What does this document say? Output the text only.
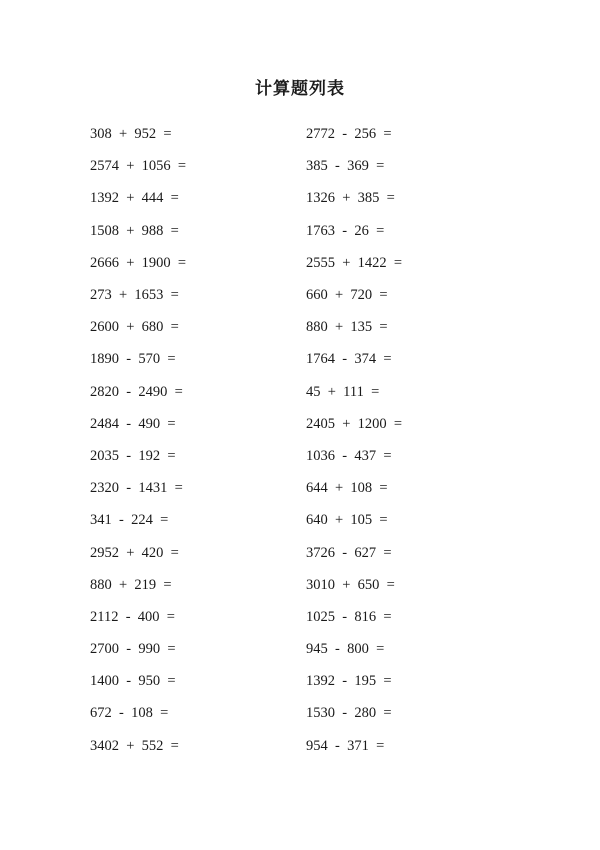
计算题列表
308  +  952  =	2772  -  256  =
2574  +  1056  =	385  -  369  =
1392  +  444  =	1326  +  385  =
1508  +  988  =	1763  -  26  =
2666  +  1900  =	2555  +  1422  =
273  +  1653  =	660  +  720  =
2600  +  680  =	880  +  135  =
1890  -  570  =	1764  -  374  =
2820  -  2490  =	45  +  111  =
2484  -  490  =	2405  +  1200  =
2035  -  192  =	1036  -  437  =
2320  -  1431  =	644  +  108  =
341  -  224  =	640  +  105  =
2952  +  420  =	3726  -  627  =
880  +  219  =	3010  +  650  =
2112  -  400  =	1025  -  816  =
2700  -  990  =	945  -  800  =
1400  -  950  =	1392  -  195  =
672  -  108  =	1530  -  280  =
3402  +  552  =	954  -  371  =
